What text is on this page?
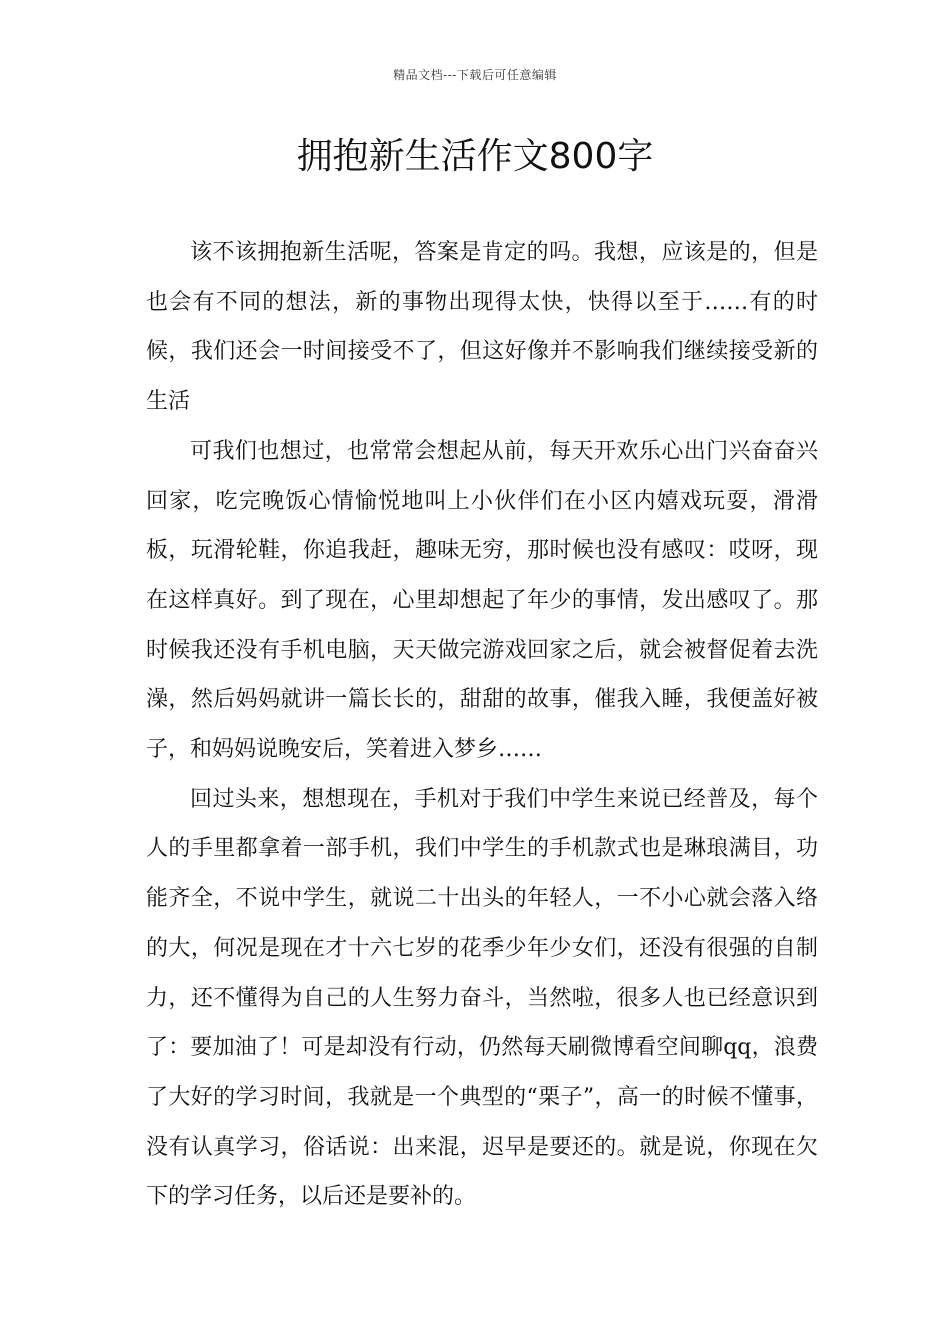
精品文档---下载后可任意编辑
拥抱新生活作文800字

该不该拥抱新生活呢，答案是肯定的吗。我想，应该是的，但是也会有不同的想法，新的事物出现得太快，快得以至于……有的时候，我们还会一时间接受不了，但这好像并不影响我们继续接受新的生活

可我们也想过，也常常会想起从前，每天开欢乐心出门兴奋奋兴回家，吃完晚饭心情愉悦地叫上小伙伴们在小区内嬉戏玩耍，滑滑板，玩滑轮鞋，你追我赶，趣味无穷，那时候也没有感叹：哎呀，现在这样真好。到了现在，心里却想起了年少的事情，发出感叹了。那时候我还没有手机电脑，天天做完游戏回家之后，就会被督促着去洗澡，然后妈妈就讲一篇长长的，甜甜的故事，催我入睡，我便盖好被子，和妈妈说晚安后，笑着进入梦乡……

回过头来，想想现在，手机对于我们中学生来说已经普及，每个人的手里都拿着一部手机，我们中学生的手机款式也是琳琅满目，功能齐全，不说中学生，就说二十出头的年轻人，一不小心就会落入络的大，何况是现在才十六七岁的花季少年少女们，还没有很强的自制力，还不懂得为自己的人生努力奋斗，当然啦，很多人也已经意识到了：要加油了！可是却没有行动，仍然每天刷微博看空间聊qq，浪费了大好的学习时间，我就是一个典型的“栗子”，高一的时候不懂事，没有认真学习，俗话说：出来混，迟早是要还的。就是说，你现在欠下的学习任务，以后还是要补的。
